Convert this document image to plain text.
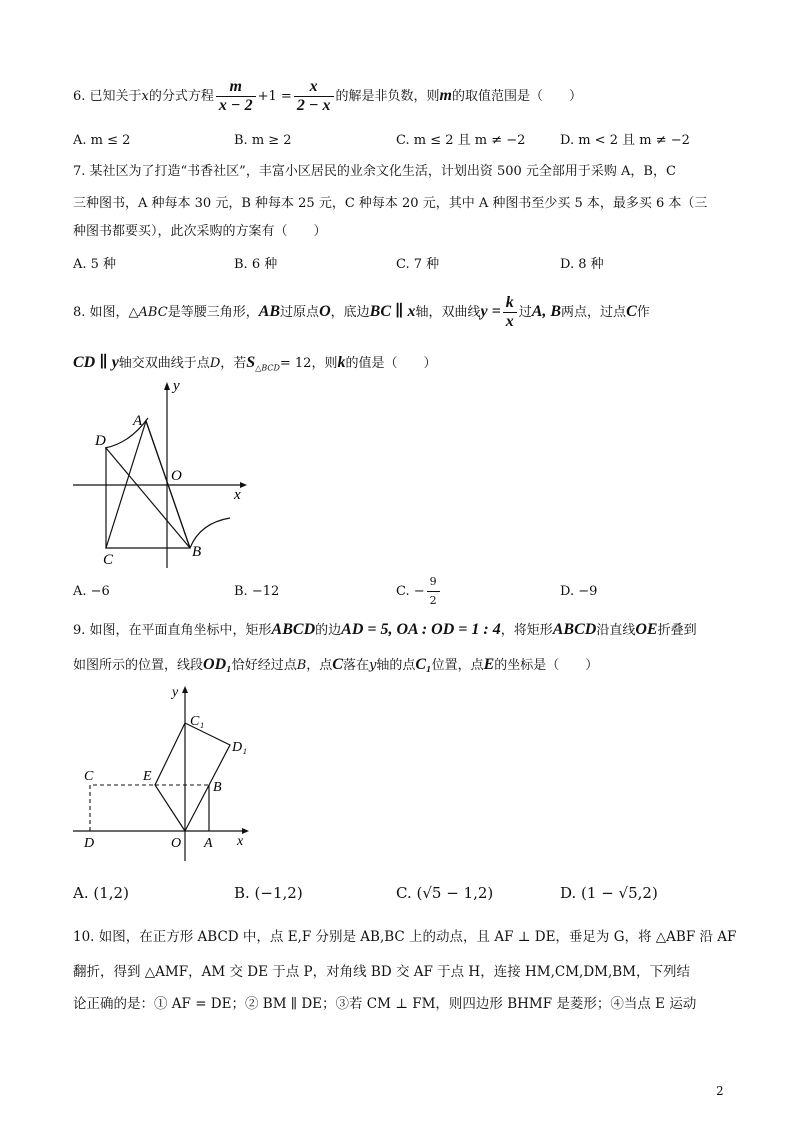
6. 已知关于x的分式方程 $\frac{m}{x - 2} +1 = \frac{x}{2 - x}$ 的解是非负数，则m的取值范围是（　　）
A. m ≤ 2	B. m ≥ 2	C. m ≤ 2 且 m ≠ −2	D. m < 2 且 m ≠ −2
7. 某社区为了打造“书香社区”，丰富小区居民的业余文化生活，计划出资 500 元全部用于采购 A，B，C
三种图书，A 种每本 30 元，B 种每本 25 元，C 种每本 20 元，其中 A 种图书至少买 5 本，最多买 6 本（三
种图书都要买），此次采购的方案有（　　）
A. 5 种	B. 6 种	C. 7 种	D. 8 种
8. 如图，△ABC是等腰三角形，AB过原点O，底边BC ∥ x轴，双曲线$y = \frac{k}{x}$ 过A, B两点，过点C作
CD ∥ y轴交双曲线于点D，若$S_{\triangle BCD}= 12$，则k的值是（　　）
y
x
A
D
O
C	B
A. −6	B. −12	C. − $\frac{9}{2}$	D. −9
9. 如图，在平面直角坐标中，矩形ABCD的边AD = 5, OA : OD = 1 : 4，将矩形ABCD沿直线OE折叠到
如图所示的位置，线段OD₁恰好经过点B，点C落在y轴的点C₁位置，点E的坐标是（　　）
y
C₁
D₁
C	E
B
D	O A x
A. (1,2)	B. (−1,2)	C. (√5 − 1,2)	D. (1 − √5,2)
10. 如图，在正方形 ABCD 中，点 E,F 分别是 AB,BC 上的动点，且 AF ⊥ DE，垂足为 G，将 △ABF 沿 AF
翻折，得到 △AMF，AM 交 DE 于点 P，对角线 BD 交 AF 于点 H，连接 HM,CM,DM,BM，下列结
论正确的是：① AF = DE；② BM ∥ DE；③若 CM ⊥ FM，则四边形 BHMF 是菱形；④当点 E 运动
2
